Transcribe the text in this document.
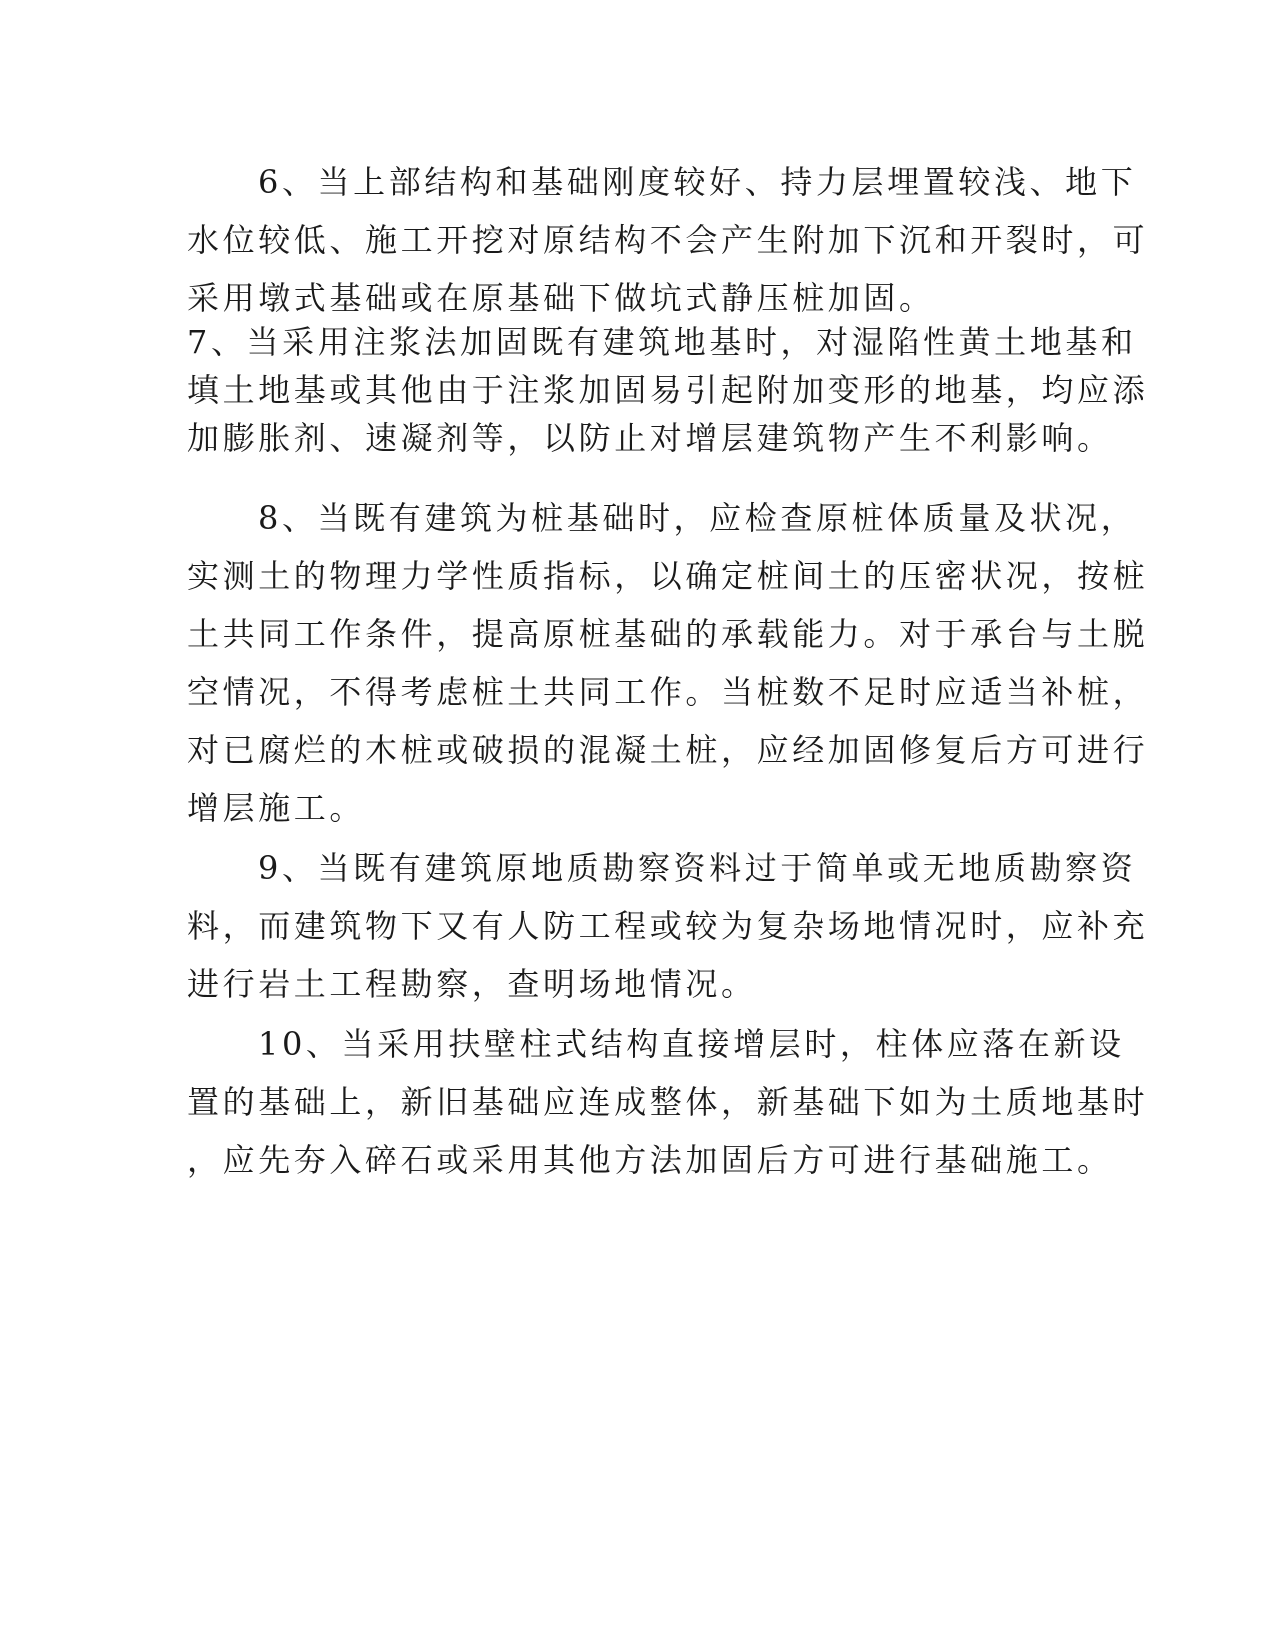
6、当上部结构和基础刚度较好、持力层埋置较浅、地下

水位较低、施工开挖对原结构不会产生附加下沉和开裂时，可

采用墩式基础或在原基础下做坑式静压桩加固。

7、当采用注浆法加固既有建筑地基时，对湿陷性黄土地基和

填土地基或其他由于注浆加固易引起附加变形的地基，均应添

加膨胀剂、速凝剂等，以防止对增层建筑物产生不利影响。

8、当既有建筑为桩基础时，应检查原桩体质量及状况，

实测土的物理力学性质指标，以确定桩间土的压密状况，按桩

土共同工作条件，提高原桩基础的承载能力。对于承台与土脱

空情况，不得考虑桩土共同工作。当桩数不足时应适当补桩，

对已腐烂的木桩或破损的混凝土桩，应经加固修复后方可进行

增层施工。

9、当既有建筑原地质勘察资料过于简单或无地质勘察资

料，而建筑物下又有人防工程或较为复杂场地情况时，应补充

进行岩土工程勘察，查明场地情况。

10、当采用扶壁柱式结构直接增层时，柱体应落在新设

置的基础上，新旧基础应连成整体，新基础下如为土质地基时

，应先夯入碎石或采用其他方法加固后方可进行基础施工。
